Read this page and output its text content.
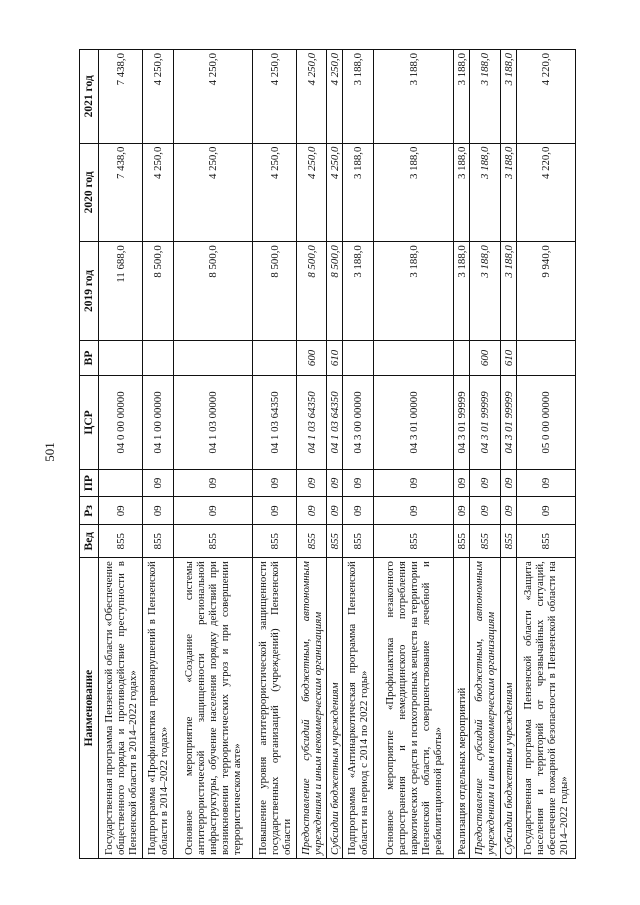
501
Наименование	Вед	Рз	ПР	ЦСР	ВР	2019 год	2020 год	2021 год
Государственная программа Пензенской области «Обеспечение общественного порядка и противодействие преступности в Пензенской области в 2014–2022 годах»	855	09		04 0 00 00000		11 688,0	7 438,0	7 438,0
Подпрограмма «Профилактика правонарушений в Пензенской области в 2014–2022 годах»	855	09	09	04 1 00 00000		8 500,0	4 250,0	4 250,0
Основное мероприятие «Создание системы антитеррористической защищенности региональной инфраструктуры, обучение населения порядку действий при возникновении террористических угроз и при совершении террористическом акте»	855	09	09	04 1 03 00000		8 500,0	4 250,0	4 250,0
Повышение уровня антитеррористической защищенности государственных организаций (учреждений) Пензенской области	855	09	09	04 1 03 64350		8 500,0	4 250,0	4 250,0
Предоставление субсидий бюджетным, автономным учреждениям и иным некоммерческим организациям	855	09	09	04 1 03 64350	600	8 500,0	4 250,0	4 250,0
Субсидии бюджетным учреждениям	855	09	09	04 1 03 64350	610	8 500,0	4 250,0	4 250,0
Подпрограмма «Антинаркотическая программа Пензенской области на период с 2014 по 2022 годы»	855	09	09	04 3 00 00000		3 188,0	3 188,0	3 188,0
Основное мероприятие «Профилактика незаконного распространения и немедицинского потребления наркотических средств и психотропных веществ на территории Пензенской области, совершенствование лечебной и реабилитационной работы»	855	09	09	04 3 01 00000		3 188,0	3 188,0	3 188,0
Реализация отдельных мероприятий	855	09	09	04 3 01 99999		3 188,0	3 188,0	3 188,0
Предоставление субсидий бюджетным, автономным учреждениям и иным некоммерческим организациям	855	09	09	04 3 01 99999	600	3 188,0	3 188,0	3 188,0
Субсидии бюджетным учреждениям	855	09	09	04 3 01 99999	610	3 188,0	3 188,0	3 188,0
Государственная программа Пензенской области «Защита населения и территорий от чрезвычайных ситуаций, обеспечение пожарной безопасности в Пензенской области на 2014–2022 годы»	855	09	09	05 0 00 00000		9 940,0	4 220,0	4 220,0
